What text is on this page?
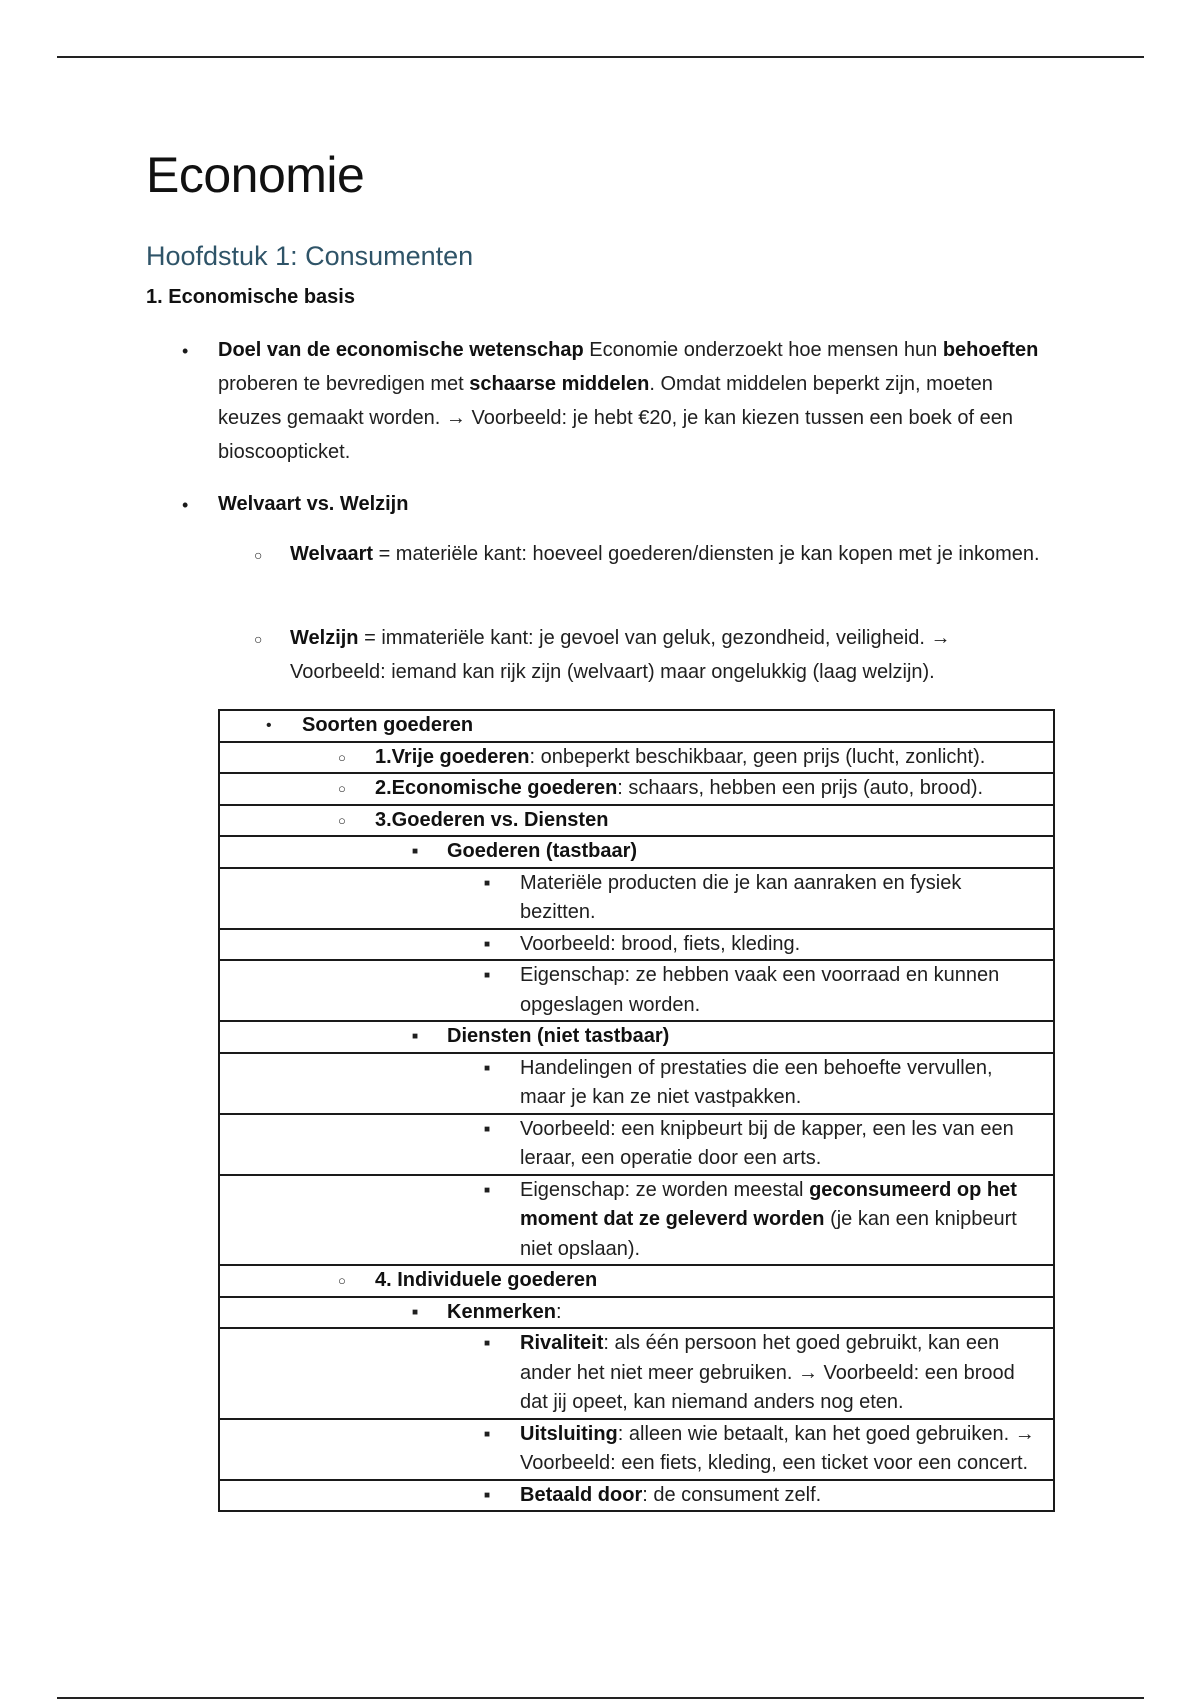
Economie
Hoofdstuk 1: Consumenten
1. Economische basis
• Doel van de economische wetenschap Economie onderzoekt hoe mensen hun behoeften proberen te bevredigen met schaarse middelen. Omdat middelen beperkt zijn, moeten keuzes gemaakt worden. → Voorbeeld: je hebt €20, je kan kiezen tussen een boek of een bioscoopticket.
• Welvaart vs. Welzijn
○ Welvaart = materiële kant: hoeveel goederen/diensten je kan kopen met je inkomen.
○ Welzijn = immateriële kant: je gevoel van geluk, gezondheid, veiligheid. → Voorbeeld: iemand kan rijk zijn (welvaart) maar ongelukkig (laag welzijn).
•	Soorten goederen

○	1.Vrije goederen: onbeperkt beschikbaar, geen prijs (lucht, zonlicht).

○	2.Economische goederen: schaars, hebben een prijs (auto, brood).

○	3.Goederen vs. Diensten

■	Goederen (tastbaar)

■	Materiële producten die je kan aanraken en fysiek bezitten.

■	Voorbeeld: brood, fiets, kleding.

■	Eigenschap: ze hebben vaak een voorraad en kunnen opgeslagen worden.

■	Diensten (niet tastbaar)

■	Handelingen of prestaties die een behoefte vervullen, maar je kan ze niet vastpakken.

■	Voorbeeld: een knipbeurt bij de kapper, een les van een leraar, een operatie door een arts.

■	Eigenschap: ze worden meestal geconsumeerd op het moment dat ze geleverd worden (je kan een knipbeurt niet opslaan).

○	4. Individuele goederen

■	Kenmerken:

■	Rivaliteit: als één persoon het goed gebruikt, kan een ander het niet meer gebruiken. → Voorbeeld: een brood dat jij opeet, kan niemand anders nog eten.

■	Uitsluiting: alleen wie betaalt, kan het goed gebruiken. → Voorbeeld: een fiets, kleding, een ticket voor een concert.

■	Betaald door: de consument zelf.
